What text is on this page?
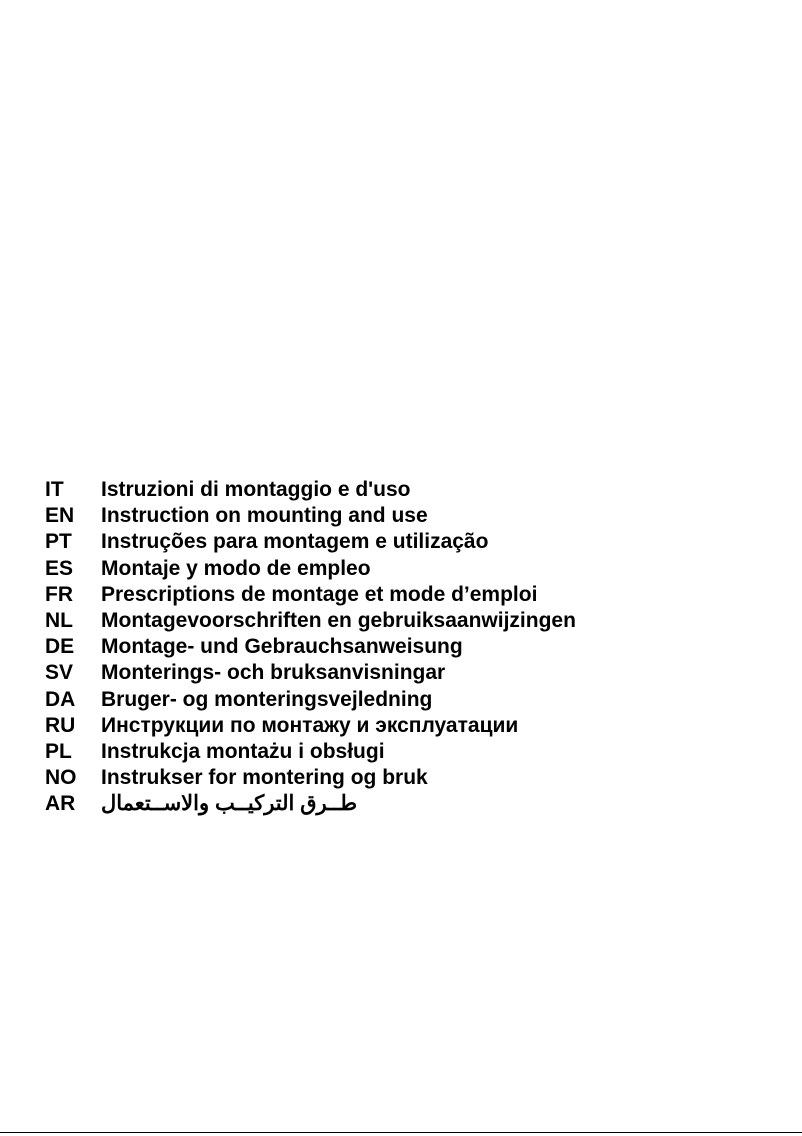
IT Istruzioni di montaggio e d'uso
EN Instruction on mounting and use
PT Instruções para montagem e utilização
ES Montaje y modo de empleo
FR Prescriptions de montage et mode d’emploi
NL Montagevoorschriften en gebruiksaanwijzingen
DE Montage- und Gebrauchsanweisung
SV Monterings- och bruksanvisningar
DA Bruger- og monteringsvejledning
RU Инструкции по монтажу и эксплуатации
PL Instrukcja montażu i obsługi
NO Instrukser for montering og bruk
AR طــرق التركيــب والاســتعمال
